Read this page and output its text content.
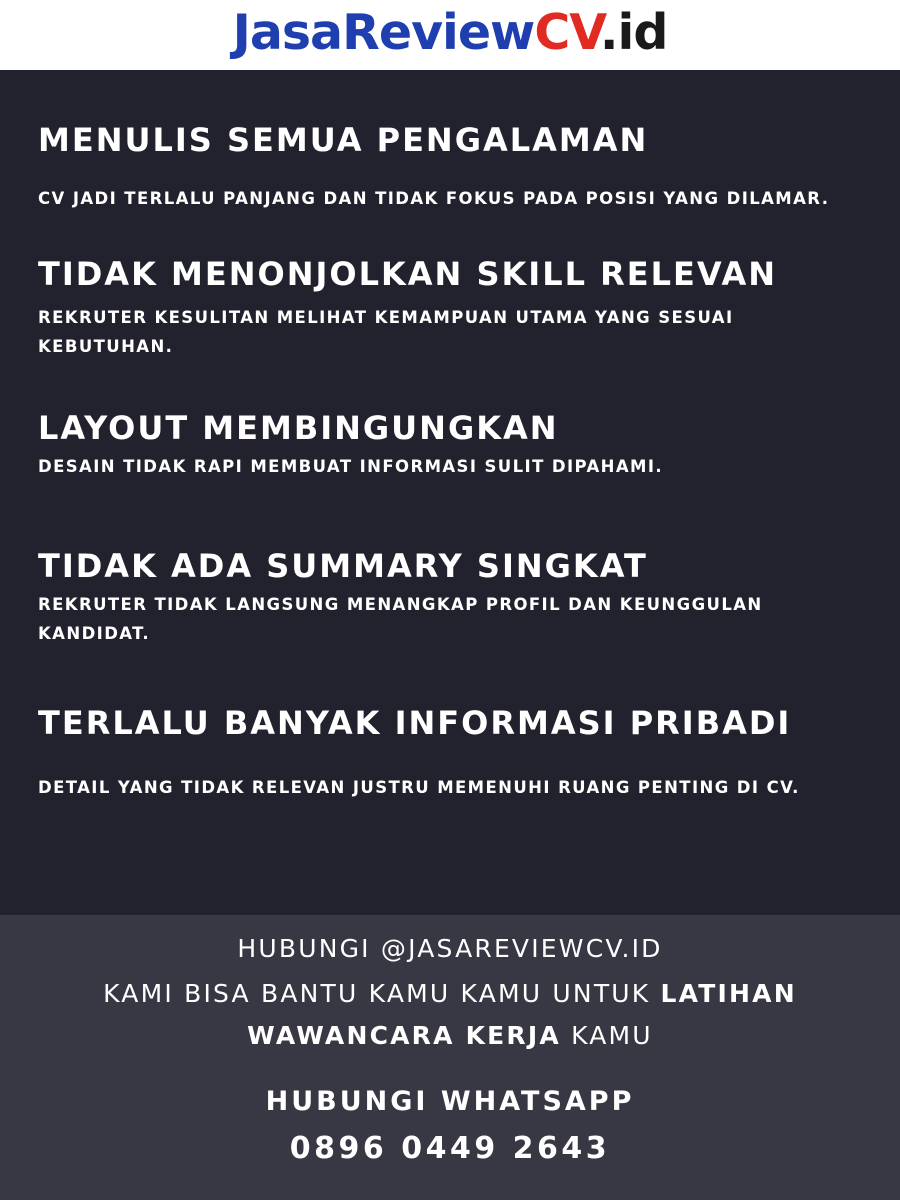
JasaReviewCV.id
MENULIS SEMUA PENGALAMAN
CV JADI TERLALU PANJANG DAN TIDAK FOKUS PADA POSISI YANG DILAMAR.
TIDAK MENONJOLKAN SKILL RELEVAN
REKRUTER KESULITAN MELIHAT KEMAMPUAN UTAMA YANG SESUAI KEBUTUHAN.
LAYOUT MEMBINGUNGKAN
DESAIN TIDAK RAPI MEMBUAT INFORMASI SULIT DIPAHAMI.
TIDAK ADA SUMMARY SINGKAT
REKRUTER TIDAK LANGSUNG MENANGKAP PROFIL DAN KEUNGGULAN KANDIDAT.
TERLALU BANYAK INFORMASI PRIBADI
DETAIL YANG TIDAK RELEVAN JUSTRU MEMENUHI RUANG PENTING DI CV.
HUBUNGI @JASAREVIEWCV.ID
KAMI BISA BANTU KAMU KAMU UNTUK LATIHAN
WAWANCARA KERJA KAMU
HUBUNGI WHATSAPP
0896 0449 2643
